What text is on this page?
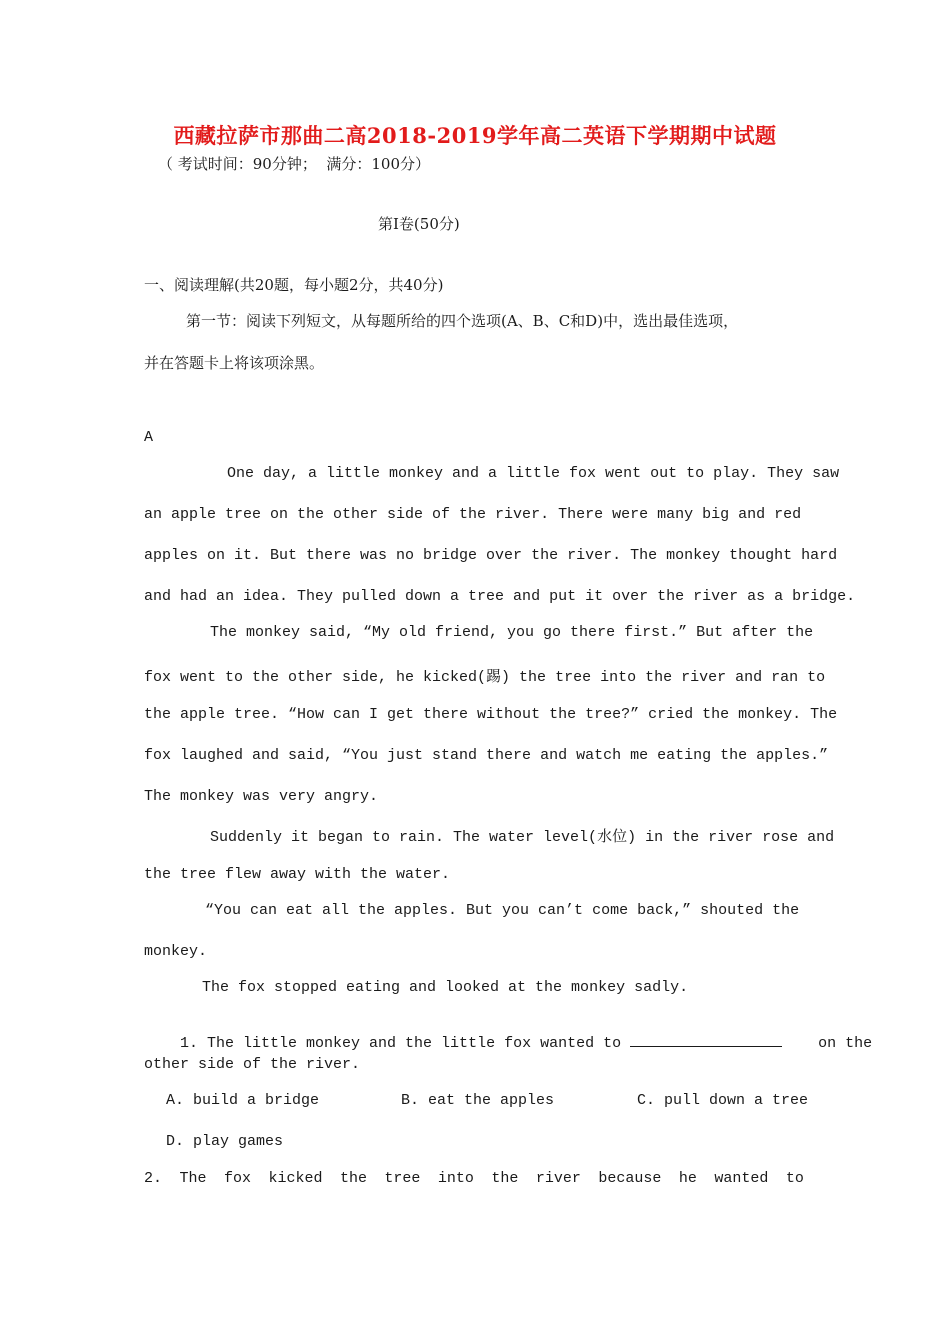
西藏拉萨市那曲二高2018-2019学年高二英语下学期期中试题
（ 考试时间：90分钟；  满分：100分）
第Ⅰ卷(50分)
一、阅读理解(共20题，每小题2分，共40分)
第一节：阅读下列短文，从每题所给的四个选项(A、B、C和D)中，选出最佳选项，
并在答题卡上将该项涂黑。
A
One day, a little monkey and a little fox went out to play. They saw
an apple tree on the other side of the river. There were many big and red
apples on it. But there was no bridge over the river. The monkey thought hard
and had an idea. They pulled down a tree and put it over the river as a bridge.
The monkey said, “My old friend, you go there first.” But after the
fox went to the other side, he kicked(踢) the tree into the river and ran to
the apple tree. “How can I get there without the tree?” cried the monkey. The
fox laughed and said, “You just stand there and watch me eating the apples.”
The monkey was very angry.
Suddenly it began to rain. The water level(水位) in the river rose and
the tree flew away with the water.
“You can eat all the apples. But you can’t come back,” shouted the
monkey.
The fox stopped eating and looked at the monkey sadly.

1. The little monkey and the little fox wanted to	on the

other side of the river.
A. build a bridge	B. eat the apples	C. pull down a tree
D. play games
2. The fox kicked the tree into the river because he wanted to
